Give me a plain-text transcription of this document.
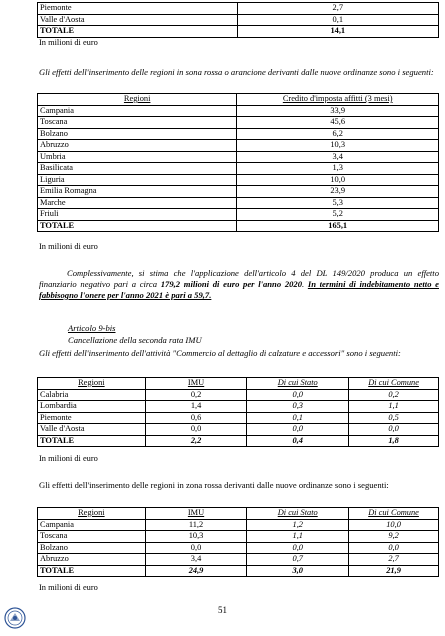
Piemonte	2,7
Valle d'Aosta	0,1
TOTALE	14,1
In milioni di euro
Gli effetti dell'inserimento delle regioni in sona rossa o arancione derivanti dalle nuove ordinanze sono i seguenti:
Regioni	Credito d'imposta affitti (3 mesi)
Campania	33,9
Toscana	45,6
Bolzano	6,2
Abruzzo	10,3
Umbria	3,4
Basilicata	1,3
Liguria	10,0
Emilia Romagna	23,9
Marche	5,3
Friuli	5,2
TOTALE	165,1
In milioni di euro
Complessivamente, si stima che l'applicazione dell'articolo 4 del DL 149/2020 produca un effetto finanziario negativo pari a circa 179,2 milioni di euro per l'anno 2020. In termini di indebitamento netto e fabbisogno l'onere per l'anno 2021 è pari a 59,7.
Articolo 9-bis
Cancellazione della seconda rata IMU
Gli effetti dell'inserimento dell'attività "Commercio al dettaglio di calzature e accessori" sono i seguenti:
Regioni	IMU	Di cui Stato	Di cui Comune
Calabria	0,2	0,0	0,2
Lombardia	1,4	0,3	1,1
Piemonte	0,6	0,1	0,5
Valle d'Aosta	0,0	0,0	0,0
TOTALE	2,2	0,4	1,8
In milioni di euro
Gli effetti dell'inserimento delle regioni in zona rossa derivanti dalle nuove ordinanze sono i seguenti:
Regioni	IMU	Di cui Stato	Di cui Comune
Campania	11,2	1,2	10,0
Toscana	10,3	1,1	9,2
Bolzano	0,0	0,0	0,0
Abruzzo	3,4	0,7	2,7
TOTALE	24,9	3,0	21,9
In milioni di euro
51
